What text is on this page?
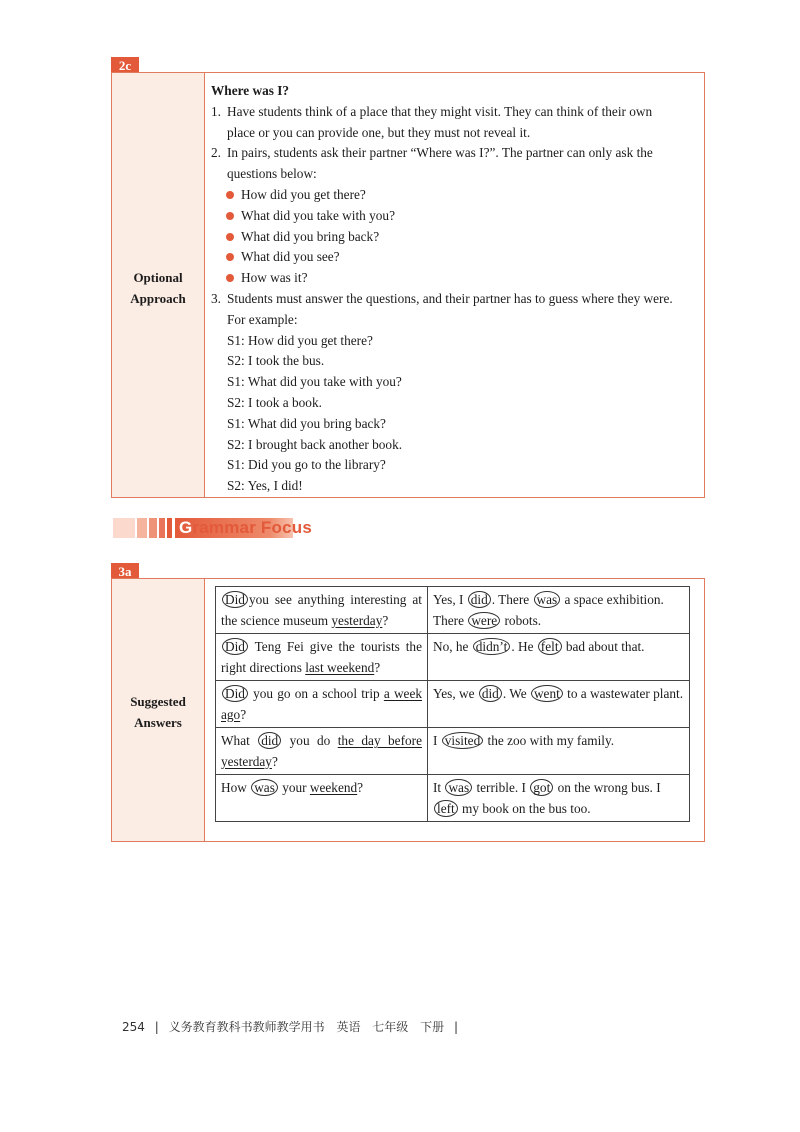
2c
Optional
Approach
Where was I?
1. Have students think of a place that they might visit. They can think of their own
place or you can provide one, but they must not reveal it.
2. In pairs, students ask their partner “Where was I?”. The partner can only ask the
questions below:
How did you get there?
What did you take with you?
What did you bring back?
What did you see?
How was it?
3. Students must answer the questions, and their partner has to guess where they were.
For example:
S1: How did you get there?
S2: I took the bus.
S1: What did you take with you?
S2: I took a book.
S1: What did you bring back?
S2: I brought back another book.
S1: Did you go to the library?
S2: Yes, I did!
Grammar Focus
3a
Suggested
Answers
Did you see anything interesting at the science museum yesterday?	Yes, I did . There was a space exhibition. There were robots.
Did Teng Fei give the tourists the right directions last weekend?	No, he didn’t . He felt bad about that.
Did you go on a school trip a week ago?	Yes, we did . We went to a wastewater plant.
What did you do the day before yesterday?	I visited the zoo with my family.
How was your weekend?	It was terrible. I got on the wrong bus. I left my book on the bus too.
254 | 义务教育教科书教师教学用书 英语 七年级 下册 |
